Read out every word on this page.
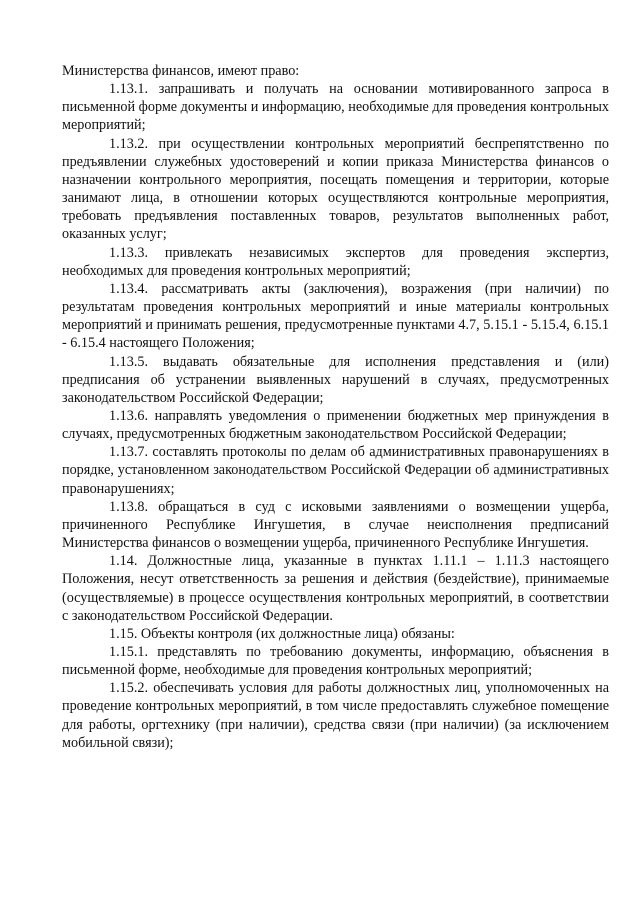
Министерства финансов, имеют право:

1.13.1. запрашивать и получать на основании мотивированного запроса в письменной форме документы и информацию, необходимые для проведения контрольных мероприятий;

1.13.2. при осуществлении контрольных мероприятий беспрепятственно по предъявлении служебных удостоверений и копии приказа Министерства финансов о назначении контрольного мероприятия, посещать помещения и территории, которые занимают лица, в отношении которых осуществляются контрольные мероприятия, требовать предъявления поставленных товаров, результатов выполненных работ, оказанных услуг;

1.13.3. привлекать независимых экспертов для проведения экспертиз, необходимых для проведения контрольных мероприятий;

1.13.4. рассматривать акты (заключения), возражения (при наличии) по результатам проведения контрольных мероприятий и иные материалы контрольных мероприятий и принимать решения, предусмотренные пунктами 4.7, 5.15.1 - 5.15.4, 6.15.1 - 6.15.4 настоящего Положения;

1.13.5. выдавать обязательные для исполнения представления и (или) предписания об устранении выявленных нарушений в случаях, предусмотренных законодательством Российской Федерации;

1.13.6. направлять уведомления о применении бюджетных мер принуждения в случаях, предусмотренных бюджетным законодательством Российской Федерации;

1.13.7. составлять протоколы по делам об административных правонарушениях в порядке, установленном законодательством Российской Федерации об административных правонарушениях;

1.13.8. обращаться в суд с исковыми заявлениями о возмещении ущерба, причиненного Республике Ингушетия, в случае неисполнения предписаний Министерства финансов о возмещении ущерба, причиненного Республике Ингушетия.

1.14. Должностные лица, указанные в пунктах 1.11.1 – 1.11.3 настоящего Положения, несут ответственность за решения и действия (бездействие), принимаемые (осуществляемые) в процессе осуществления контрольных мероприятий, в соответствии с законодательством Российской Федерации.

1.15. Объекты контроля (их должностные лица) обязаны:

1.15.1. представлять по требованию документы, информацию, объяснения в письменной форме, необходимые для проведения контрольных мероприятий;

1.15.2. обеспечивать условия для работы должностных лиц, уполномоченных на проведение контрольных мероприятий, в том числе предоставлять служебное помещение для работы, оргтехнику (при наличии), средства связи (при наличии) (за исключением мобильной связи);
